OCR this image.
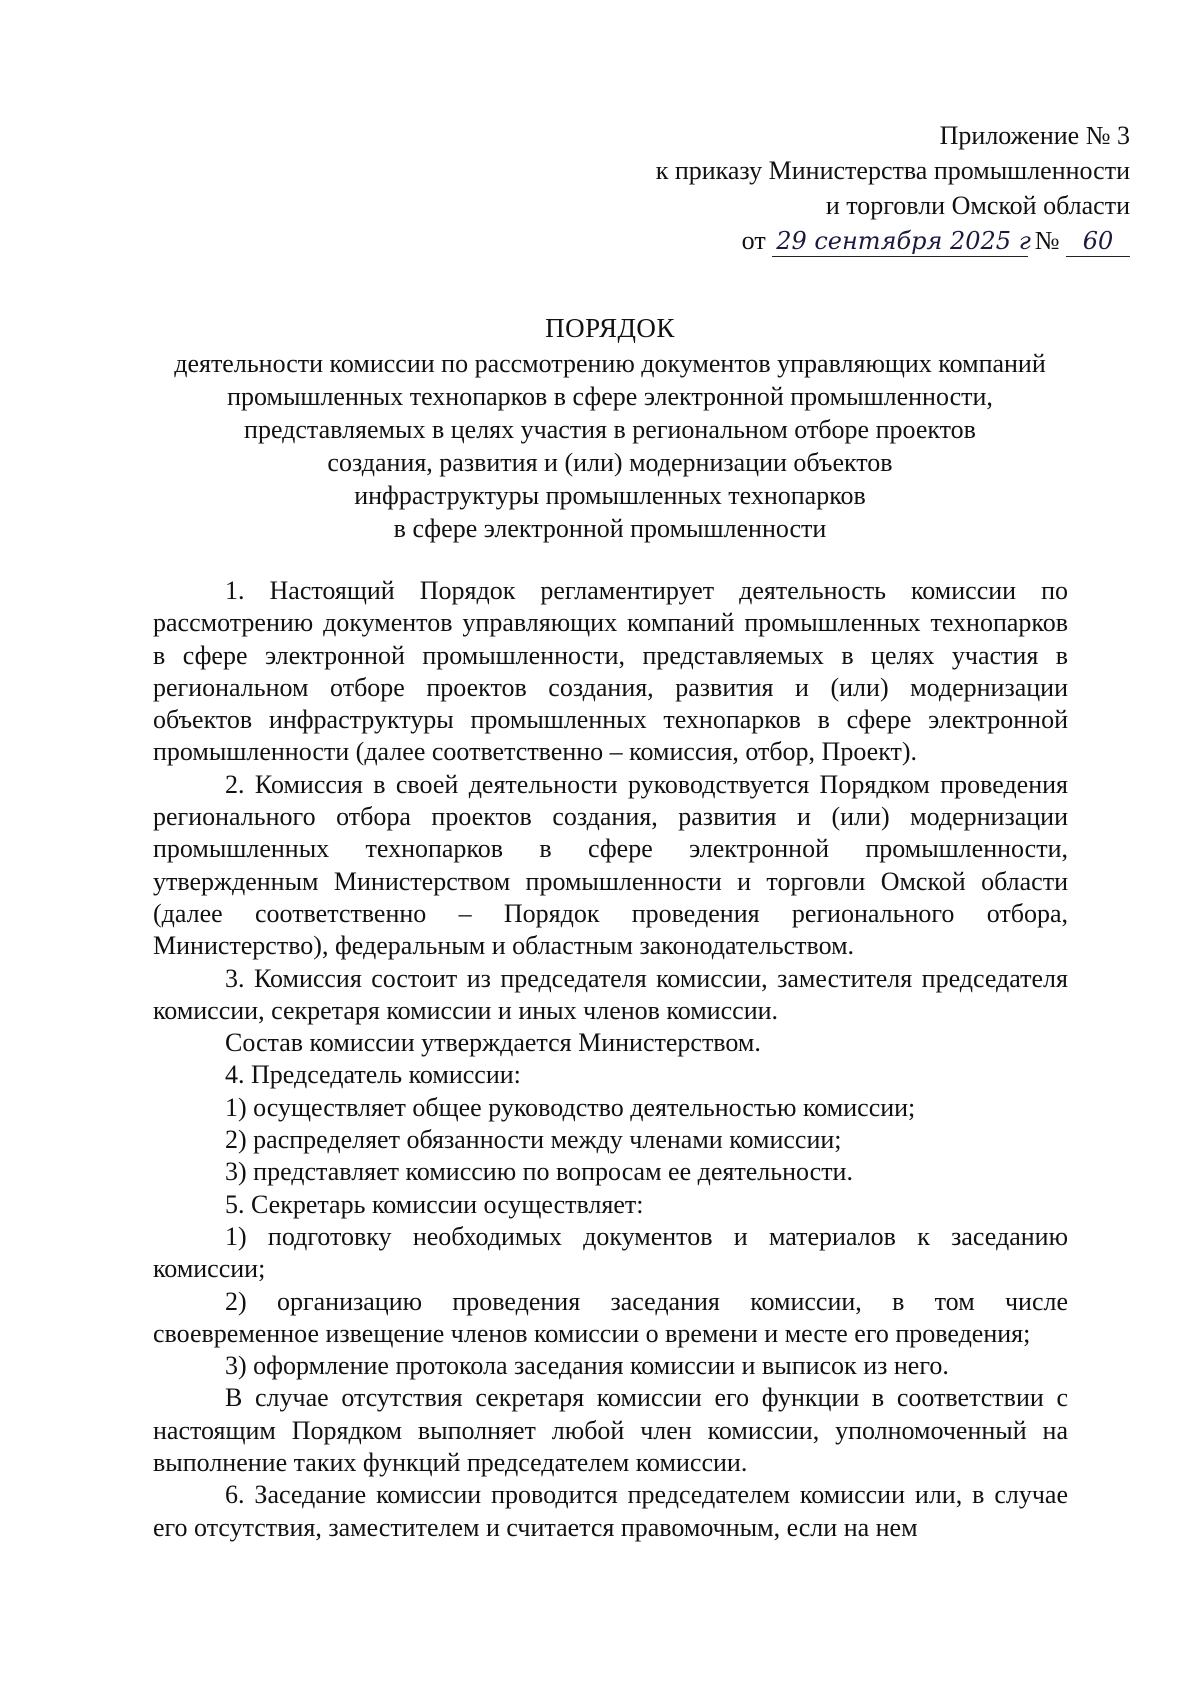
Приложение № 3
к приказу Министерства промышленности
и торговли Омской области
от 29 сентября 2025 г № 60
ПОРЯДОК
деятельности комиссии по рассмотрению документов управляющих компаний
промышленных технопарков в сфере электронной промышленности,
представляемых в целях участия в региональном отборе проектов
создания, развития и (или) модернизации объектов
инфраструктуры промышленных технопарков
в сфере электронной промышленности

1. Настоящий Порядок регламентирует деятельность комиссии по рассмотрению документов управляющих компаний промышленных технопарков в сфере электронной промышленности, представляемых в целях участия в региональном отборе проектов создания, развития и (или) модернизации объектов инфраструктуры промышленных технопарков в сфере электронной промышленности (далее соответственно – комиссия, отбор, Проект).

2. Комиссия в своей деятельности руководствуется Порядком проведения регионального отбора проектов создания, развития и (или) модернизации промышленных технопарков в сфере электронной промышленности, утвержденным Министерством промышленности и торговли Омской области (далее соответственно – Порядок проведения регионального отбора, Министерство), федеральным и областным законодательством.

3. Комиссия состоит из председателя комиссии, заместителя председателя комиссии, секретаря комиссии и иных членов комиссии.

Состав комиссии утверждается Министерством.

4. Председатель комиссии:

1) осуществляет общее руководство деятельностью комиссии;

2) распределяет обязанности между членами комиссии;

3) представляет комиссию по вопросам ее деятельности.

5. Секретарь комиссии осуществляет:

1) подготовку необходимых документов и материалов к заседанию комиссии;

2) организацию проведения заседания комиссии, в том числе своевременное извещение членов комиссии о времени и месте его проведения;

3) оформление протокола заседания комиссии и выписок из него.

В случае отсутствия секретаря комиссии его функции в соответствии с настоящим Порядком выполняет любой член комиссии, уполномоченный на выполнение таких функций председателем комиссии.

6. Заседание комиссии проводится председателем комиссии или, в случае его отсутствия, заместителем и считается правомочным, если на нем
